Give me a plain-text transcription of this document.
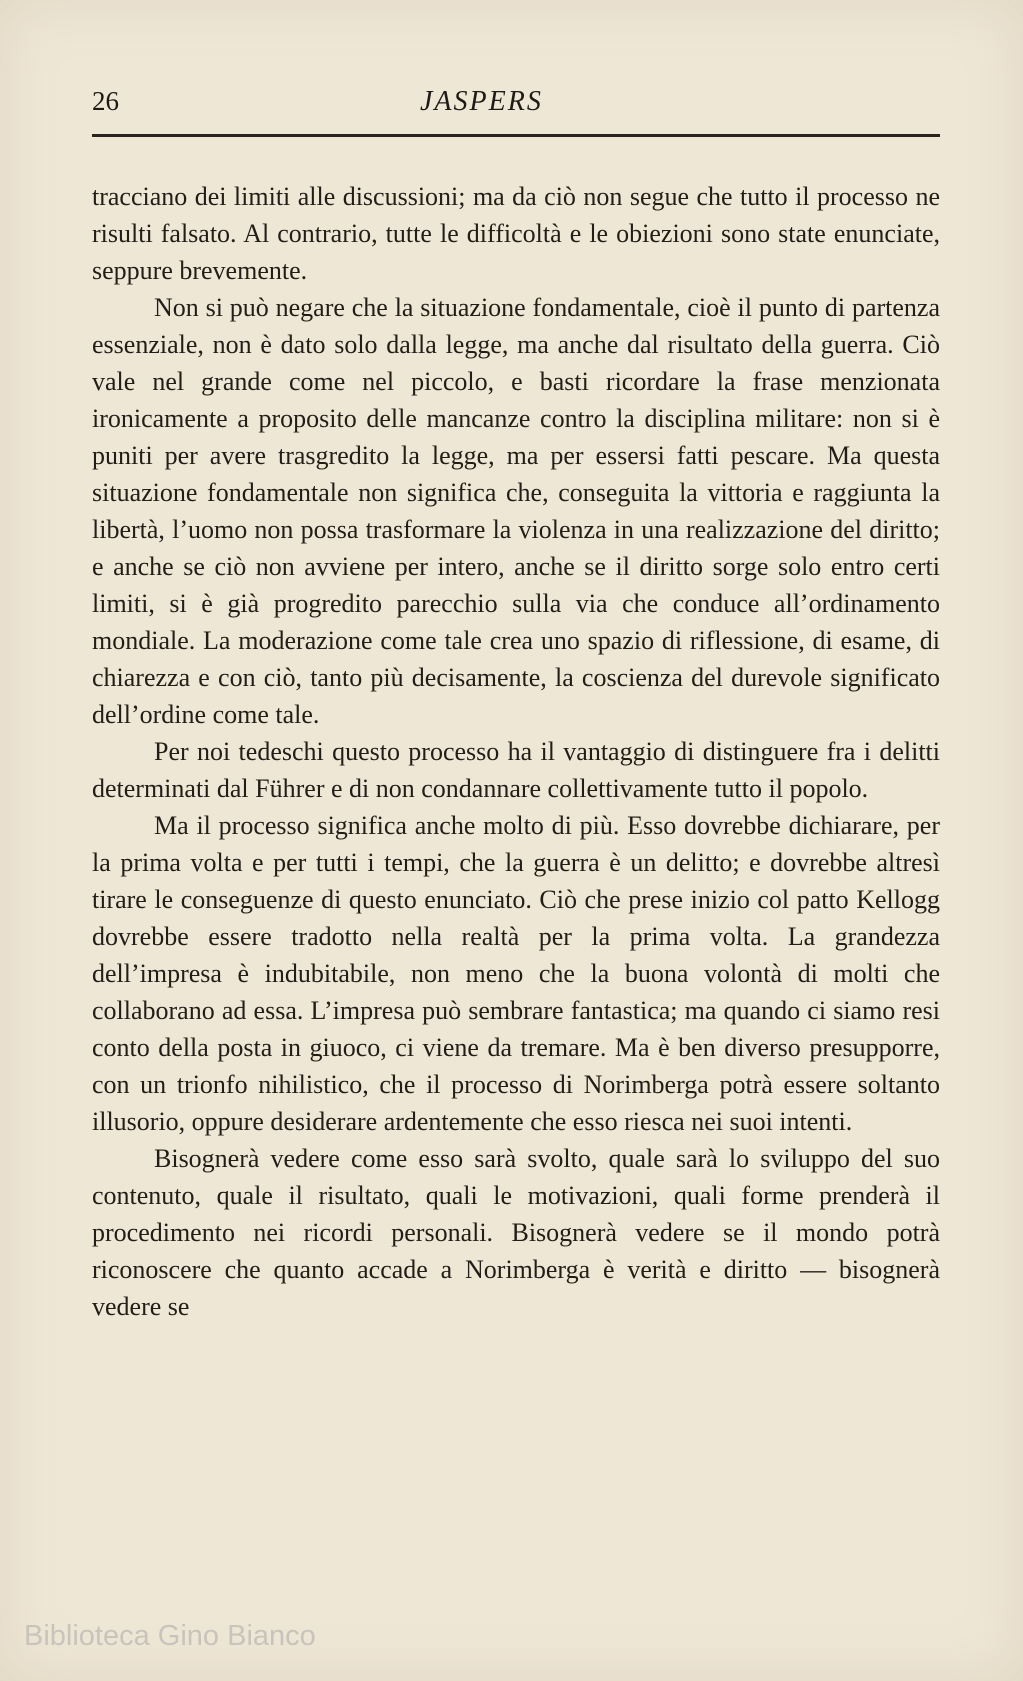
26	JASPERS

tracciano dei limiti alle discussioni; ma da ciò non segue che tutto il processo ne risulti falsato. Al contrario, tutte le difficoltà e le obiezioni sono state enunciate, seppure brevemente.

Non si può negare che la situazione fondamentale, cioè il punto di partenza essenziale, non è dato solo dalla legge, ma anche dal risultato della guerra. Ciò vale nel grande come nel piccolo, e basti ricordare la frase menzionata ironicamente a proposito delle mancanze contro la disciplina militare: non si è puniti per avere trasgredito la legge, ma per essersi fatti pescare. Ma questa situazione fondamentale non significa che, conseguita la vittoria e raggiunta la libertà, l’uomo non possa trasformare la violenza in una realizzazione del diritto; e anche se ciò non avviene per intero, anche se il diritto sorge solo entro certi limiti, si è già progredito parecchio sulla via che conduce all’ordinamento mondiale. La moderazione come tale crea uno spazio di riflessione, di esame, di chiarezza e con ciò, tanto più decisamente, la coscienza del durevole significato dell’ordine come tale.

Per noi tedeschi questo processo ha il vantaggio di distinguere fra i delitti determinati dal Führer e di non condannare collettivamente tutto il popolo.

Ma il processo significa anche molto di più. Esso dovrebbe dichiarare, per la prima volta e per tutti i tempi, che la guerra è un delitto; e dovrebbe altresì tirare le conseguenze di questo enunciato. Ciò che prese inizio col patto Kellogg dovrebbe essere tradotto nella realtà per la prima volta. La grandezza dell’impresa è indubitabile, non meno che la buona volontà di molti che collaborano ad essa. L’impresa può sembrare fantastica; ma quando ci siamo resi conto della posta in giuoco, ci viene da tremare. Ma è ben diverso presupporre, con un trionfo nihilistico, che il processo di Norimberga potrà essere soltanto illusorio, oppure desiderare ardentemente che esso riesca nei suoi intenti.

Bisognerà vedere come esso sarà svolto, quale sarà lo sviluppo del suo contenuto, quale il risultato, quali le motivazioni, quali forme prenderà il procedimento nei ricordi personali. Bisognerà vedere se il mondo potrà riconoscere che quanto accade a Norimberga è verità e diritto — bisognerà vedere se

Biblioteca Gino Bianco
